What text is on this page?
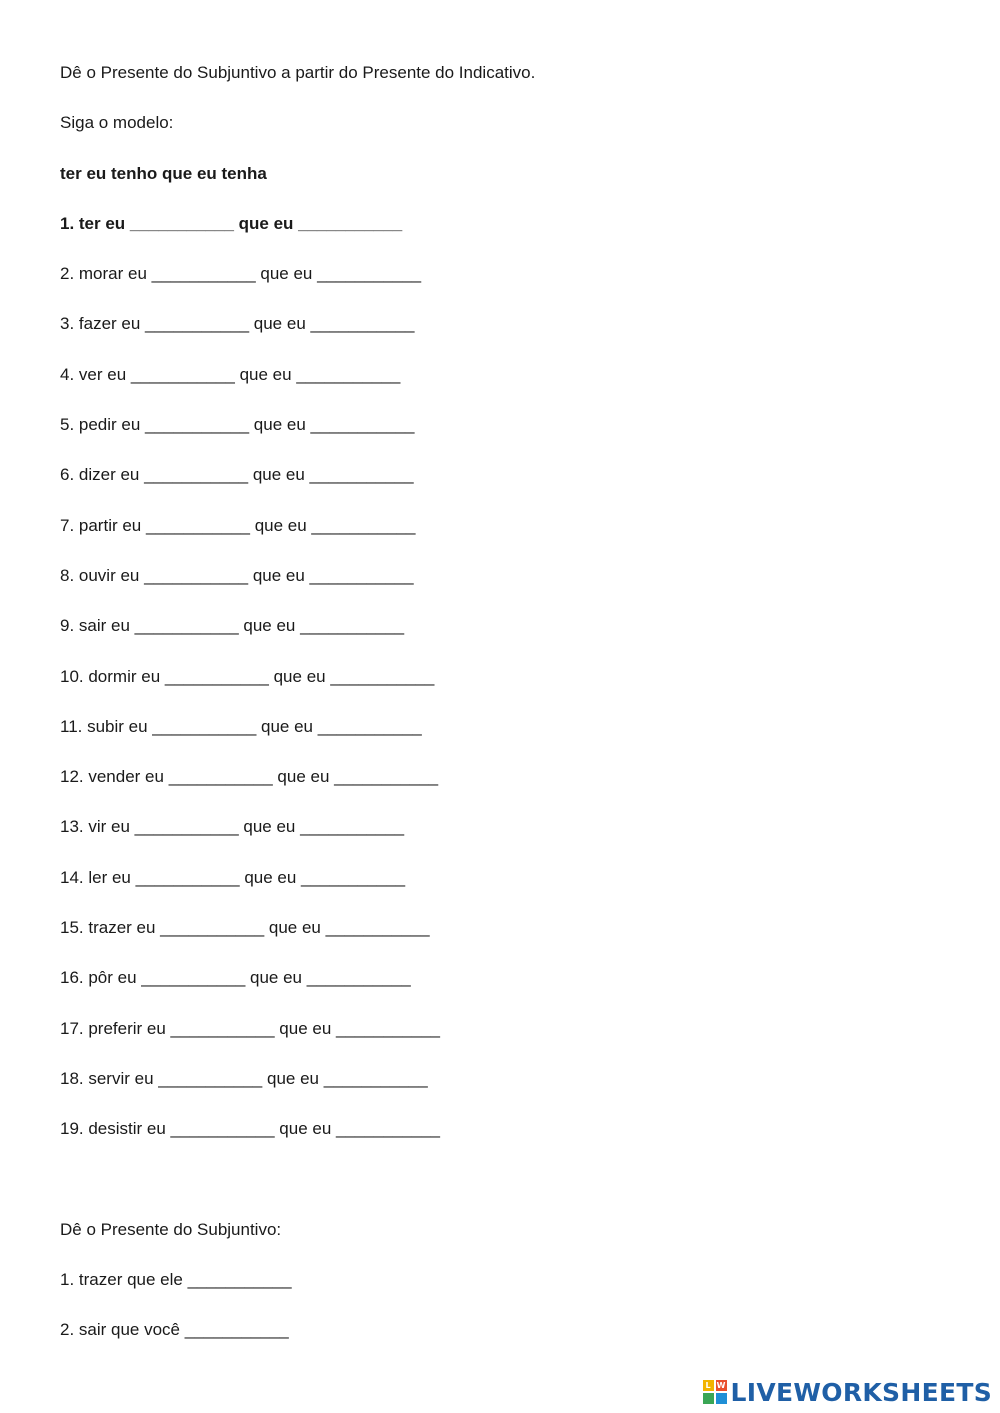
Dê o Presente do Subjuntivo a partir do Presente do Indicativo.
Siga o modelo:
ter eu tenho que eu tenha
1. ter eu ___________ que eu ___________
2. morar eu ___________ que eu ___________
3. fazer eu ___________ que eu ___________
4. ver eu ___________ que eu ___________
5. pedir eu ___________ que eu ___________
6. dizer eu ___________ que eu ___________
7. partir eu ___________ que eu ___________
8. ouvir eu ___________ que eu ___________
9. sair eu ___________ que eu ___________
10. dormir eu ___________ que eu ___________
11. subir eu ___________ que eu ___________
12. vender eu ___________ que eu ___________
13. vir eu ___________ que eu ___________
14. ler eu ___________ que eu ___________
15. trazer eu ___________ que eu ___________
16. pôr eu ___________ que eu ___________
17. preferir eu ___________ que eu ___________
18. servir eu ___________ que eu ___________
19. desistir eu ___________ que eu ___________
Dê o Presente do Subjuntivo:
1. trazer que ele ___________
2. sair que você ___________
L W LIVEWORKSHEETS
